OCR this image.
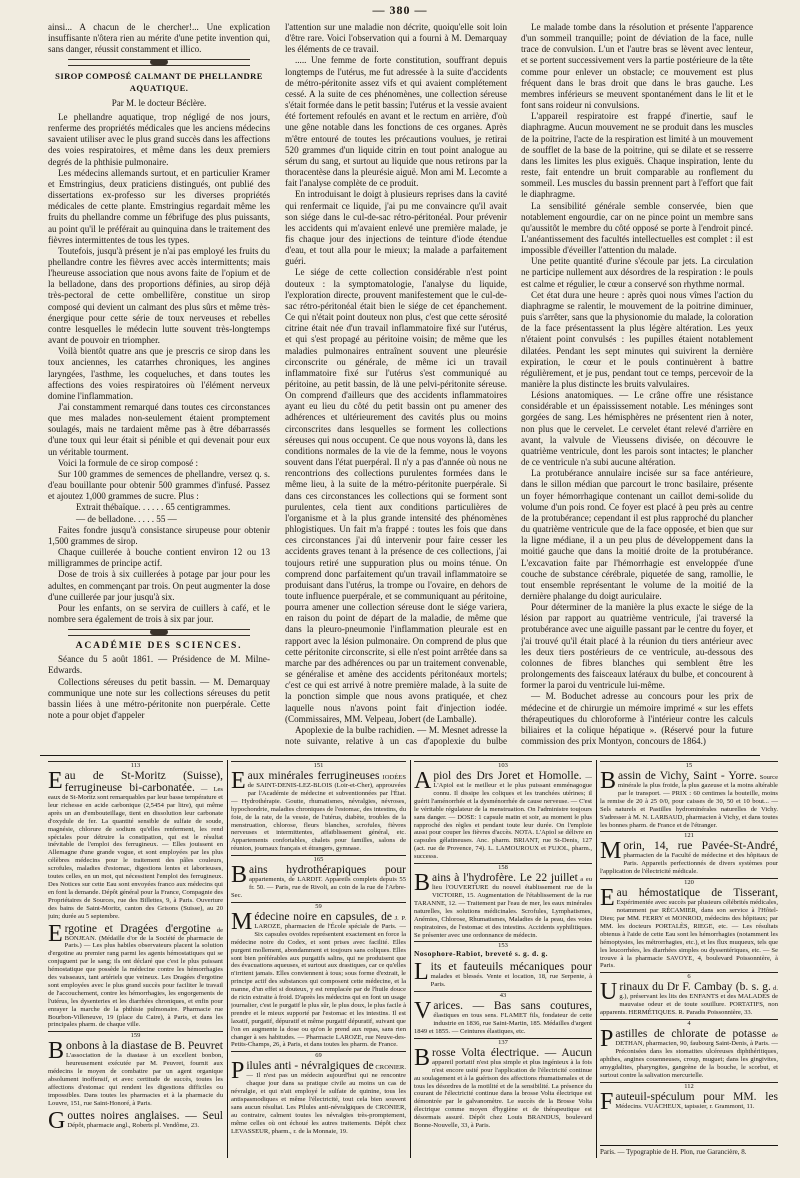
— 380 —

ainsi... A chacun de le chercher!... Une explication insuffisante n'ôtera rien au mérite d'une petite invention qui, sans danger, réussit constamment et illico.

SIROP COMPOSÉ CALMANT DE PHELLANDRE AQUATIQUE.
Par M. le docteur Béclère.

Le phellandre aquatique, trop négligé de nos jours, renferme des propriétés médicales que les anciens médecins savaient utiliser avec le plus grand succès dans les affections des voies respiratoires, et même dans les deux premiers degrés de la phthisie pulmonaire.

Les médecins allemands surtout, et en particulier Kramer et Emstringius, deux praticiens distingués, ont publié des dissertations ex-professo sur les diverses propriétés médicales de cette plante. Emstringius regardait même les fruits du phellandre comme un fébrifuge des plus puissants, au point qu'il le préférait au quinquina dans le traitement des fièvres intermittentes de tous les types.

Toutefois, jusqu'à présent je n'ai pas employé les fruits du phellandre contre les fièvres avec accès intermittents; mais l'heureuse association que nous avons faite de l'opium et de la belladone, dans des proportions définies, au sirop déjà très-pectoral de cette ombellifère, constitue un sirop composé qui devient un calmant des plus sûrs et même très-énergique pour cette série de toux nerveuses et rebelles contre lesquelles le médecin lutte souvent très-longtemps avant de pouvoir en triompher.

Voilà bientôt quatre ans que je prescris ce sirop dans les toux anciennes, les catarrhes chroniques, les angines laryngées, l'asthme, les coqueluches, et dans toutes les affections des voies respiratoires où l'élément nerveux domine l'inflammation.

J'ai constamment remarqué dans toutes ces circonstances que mes malades non-seulement étaient promptement soulagés, mais ne tardaient même pas à être débarrassés d'une toux qui leur était si pénible et qui devenait pour eux un véritable tourment.

Voici la formule de ce sirop composé :

Sur 100 grammes de semences de phellandre, versez q. s. d'eau bouillante pour obtenir 500 grammes d'infusé. Passez et ajoutez 1,000 grammes de sucre. Plus :

Extrait thébaïque. . . . . . 65 centigrammes.

— de belladone. . . . . 55 —

Faites fondre jusqu'à consistance sirupeuse pour obtenir 1,500 grammes de sirop.

Chaque cuillerée à bouche contient environ 12 ou 13 milligrammes de principe actif.

Dose de trois à six cuillerées à potage par jour pour les adultes, en commençant par trois. On peut augmenter la dose d'une cuillerée par jour jusqu'à six.

Pour les enfants, on se servira de cuillers à café, et le nombre sera également de trois à six par jour.

ACADÉMIE DES SCIENCES.

Séance du 5 août 1861. — Présidence de M. Milne-Edwards.

Collections séreuses du petit bassin. — M. Demarquay communique une note sur les collections séreuses du petit bassin liées à une métro-péritonite non puerpérale. Cette note a pour objet d'appeler

l'attention sur une maladie non décrite, quoiqu'elle soit loin d'être rare. Voici l'observation qui a fourni à M. Demarquay les éléments de ce travail.

..... Une femme de forte constitution, souffrant depuis longtemps de l'utérus, me fut adressée à la suite d'accidents de métro-péritonite assez vifs et qui avaient complétement cessé. A la suite de ces phénomènes, une collection séreuse s'était formée dans le petit bassin; l'utérus et la vessie avaient été fortement refoulés en avant et le rectum en arrière, d'où une gêne notable dans les fonctions de ces organes. Après m'être entouré de toutes les précautions voulues, je retirai 520 grammes d'un liquide citrin en tout point analogue au sérum du sang, et surtout au liquide que nous retirons par la thoracentèse dans la pleurésie aiguë. Mon ami M. Lecomte a fait l'analyse complète de ce produit.

En introduisant le doigt à plusieurs reprises dans la cavité qui renfermait ce liquide, j'ai pu me convaincre qu'il avait son siége dans le cul-de-sac rétro-péritonéal. Pour prévenir les accidents qui m'avaient enlevé une première malade, je fis chaque jour des injections de teinture d'iode étendue d'eau, et tout alla pour le mieux; la malade a parfaitement guéri.

Le siége de cette collection considérable n'est point douteux : la symptomatologie, l'analyse du liquide, l'exploration directe, prouvent manifestement que le cul-de-sac rétro-péritonéal était bien le siége de cet épanchement. Ce qui n'était point douteux non plus, c'est que cette sérosité citrine était née d'un travail inflammatoire fixé sur l'utérus, et qui s'est propagé au péritoine voisin; de même que les maladies pulmonaires entraînent souvent une pleurésie circonscrite ou générale, de même ici un travail inflammatoire fixé sur l'utérus s'est communiqué au péritoine, au petit bassin, de là une pelvi-péritonite séreuse. On comprend d'ailleurs que des accidents inflammatoires ayant eu lieu du côté du petit bassin ont pu amener des adhérences et ultérieurement des cavités plus ou moins circonscrites dans lesquelles se forment les collections séreuses qui nous occupent. Ce que nous voyons là, dans les conditions normales de la vie de la femme, nous le voyons souvent dans l'état puerpéral. Il n'y a pas d'année où nous ne rencontrions des collections purulentes formées dans le même lieu, à la suite de la métro-péritonite puerpérale. Si dans ces circonstances les collections qui se forment sont purulentes, cela tient aux conditions particulières de l'organisme et à la plus grande intensité des phénomènes phlogistiques. Un fait m'a frappé : toutes les fois que dans ces circonstances j'ai dû intervenir pour faire cesser les accidents graves tenant à la présence de ces collections, j'ai toujours retiré une suppuration plus ou moins ténue. On comprend donc parfaitement qu'un travail inflammatoire se produisant dans l'utérus, la trompe ou l'ovaire, en dehors de toute influence puerpérale, et se communiquant au péritoine, pourra amener une collection séreuse dont le siége variera, en raison du point de départ de la maladie, de même que dans la pleuro-pneumonie l'inflammation pleurale est en rapport avec la lésion pulmonaire. On comprend de plus que cette péritonite circonscrite, si elle n'est point arrêtée dans sa marche par des adhérences ou par un traitement convenable, se généralise et amène des accidents péritonéaux mortels; c'est ce qui est arrivé à notre première malade, à la suite de la ponction simple que nous avons pratiquée, et chez laquelle nous n'avons point fait d'injection iodée. (Commissaires, MM. Velpeau, Jobert (de Lamballe).

Apoplexie de la bulbe rachidien. — M. Mesnet adresse la note suivante, relative à un cas d'apoplexie du bulbe

Le malade tombe dans la résolution et présente l'apparence d'un sommeil tranquille; point de déviation de la face, nulle trace de convulsion. L'un et l'autre bras se lèvent avec lenteur, et se portent successivement vers la partie postérieure de la tête comme pour enlever un obstacle; ce mouvement est plus fréquent dans le bras droit que dans le bras gauche. Les membres inférieurs se meuvent spontanément dans le lit et le font sans roideur ni convulsions.

L'appareil respiratoire est frappé d'inertie, sauf le diaphragme. Aucun mouvement ne se produit dans les muscles de la poitrine, l'acte de la respiration est limité à un mouvement de soufflet de la base de la poitrine, qui se dilate et se resserre dans les limites les plus exiguës. Chaque inspiration, lente du reste, fait entendre un bruit comparable au ronflement du sommeil. Les muscles du bassin prennent part à l'effort que fait le diaphragme.

La sensibilité générale semble conservée, bien que notablement engourdie, car on ne pince point un membre sans qu'aussitôt le membre du côté opposé se porte à l'endroit pincé. L'anéantissement des facultés intellectuelles est complet : il est impossible d'éveiller l'attention du malade.

Une petite quantité d'urine s'écoule par jets. La circulation ne participe nullement aux désordres de la respiration : le pouls est calme et régulier, le cœur a conservé son rhythme normal.

Cet état dura une heure : après quoi nous vîmes l'action du diaphragme se ralentir, le mouvement de la poitrine diminuer, puis s'arrêter, sans que la physionomie du malade, la coloration de la face présentassent la plus légère altération. Les yeux n'étaient point convulsés : les pupilles étaient notablement dilatées. Pendant les sept minutes qui suivirent la dernière expiration, le cœur et le pouls continuèrent à battre régulièrement, et je pus, pendant tout ce temps, percevoir de la manière la plus distincte les bruits valvulaires.

Lésions anatomiques. — Le crâne offre une résistance considérable et un épaississement notable. Les méninges sont gorgées de sang. Les hémisphères ne présentent rien à noter, non plus que le cervelet. Le cervelet étant relevé d'arrière en avant, la valvule de Vieussens divisée, on découvre le quatrième ventricule, dont les parois sont intactes; le plancher de ce ventricule n'a subi aucune altération.

La protubérance annulaire incisée sur sa face antérieure, dans le sillon médian que parcourt le tronc basilaire, présente un foyer hémorrhagique contenant un caillot demi-solide du volume d'un pois rond. Ce foyer est placé à peu près au centre de la protubérance; cependant il est plus rapproché du plancher du quatrième ventricule que de la face opposée, et bien que sur la ligne médiane, il a un peu plus de développement dans la moitié gauche que dans la moitié droite de la protubérance. L'excavation faite par l'hémorrhagie est enveloppée d'une couche de substance cérébrale, piquetée de sang, ramollie, le tout ensemble représentant le volume de la moitié de la dernière phalange du doigt auriculaire.

Pour déterminer de la manière la plus exacte le siége de la lésion par rapport au quatrième ventricule, j'ai traversé la protubérance avec une aiguille passant par le centre du foyer, et j'ai trouvé qu'il était placé à la réunion du tiers antérieur avec les deux tiers postérieurs de ce ventricule, au-dessous des colonnes de fibres blanches qui semblent être les prolongements des faisceaux latéraux du bulbe, et concourent à former la paroi du ventricule lui-même.

— M. Boduchet adresse au concours pour les prix de médecine et de chirurgie un mémoire imprimé « sur les effets thérapeutiques du chloroforme à l'intérieur contre les calculs biliaires et la colique hépatique ». (Réservé pour la future commission des prix Montyon, concours de 1864.)

113
Eau de St-Moritz (Suisse), ferrugineuse bi-carbonatée. — Les eaux de St-Moritz sont remarquables par leur basse température et leur richesse en acide carbonique (2,5454 par litre), qui même après un an d'embouteillage, tient en dissolution leur carbonate d'oxydule de fer. La quantité sensible de sulfate de soude, magnésie, chlorure de sodium qu'elles renferment, les rend spéciales pour détruire la constipation, qui est le résultat inévitable de l'emploi des ferrugineux. — Elles jouissent en Allemagne d'une grande vogue, et sont employées par les plus célèbres médecins pour le traitement des pâles couleurs, scrofules, maladies d'estomac, digestions lentes et laborieuses, toutes celles, en un mot, qui nécessitent l'emploi des ferrugineux. Des Notices sur cette Eau sont envoyées franco aux médecins qui en font la demande. Dépôt général pour la France, Compagnie des Propriétaires de Sources, rue des Billettes, 9, à Paris. Ouverture des bains de Saint-Moritz, canton des Grisons (Suisse), au 20 juin; durée au 5 septembre.
Ergotine et Dragées d'ergotine de BONJEAN. (Médaille d'or de la Société de pharmacie de Paris.) — Les plus habiles observateurs placent la solution d'ergotine au premier rang parmi les agents hémostatiques qui se conjuguent par le sang; ils ont déclaré que c'est le plus puissant hémostatique que possède la médecine contre les hémorrhagies des vaisseaux, tant artériels que veineux. Les Dragées d'ergotine sont employées avec le plus grand succès pour faciliter le travail de l'accouchement, contre les hémorrhagies, les engorgements de l'utérus, les dysenteries et les diarrhées chroniques, et enfin pour enrayer la marche de la phthisie pulmonaire. Pharmacie rue Bourbon-Villeneuve, 19 (place du Caire), à Paris, et dans les principales pharm. de chaque ville.
159
Bonbons à la diastase de B. Peuvret L'association de la diastase à un excellent bonbon, heureusement exécutée par M. Peuvret, fournit aux médecins le moyen de combattre par un agent organique absolument inoffensif, et avec certitude de succès, toutes les affections d'estomac qui rendent les digestions difficiles ou impossibles. Dans toutes les pharmacies et à la pharmacie du Louvre, 151, rue Saint-Honoré, à Paris.
Gouttes noires anglaises. — Seul Dépôt, pharmacie angl., Roberts pl. Vendôme, 23.
151
Eaux minérales ferrugineuses IODÉES de SAINT-DENIS-LEZ-BLOIS (Loir-et-Cher), approuvées par l'Académie de médecine et subventionnées par l'État. — Hydrothérapie. Goutte, rhumatismes, névralgies, névroses, hypochondrie, maladies chroniques de l'estomac, des intestins, du foie, de la rate, de la vessie, de l'utérus, diabète, troubles de la menstruation, chlorose, fleurs blanches, scrofules, fièvres nerveuses et intermittentes, affaiblissement général, etc. Appartements confortables, chalets pour familles, salons de réunion, journaux français et étrangers, gymnase.
165
Bains hydrothérapiques pour appartements, de LARDIT. Appareils complets depuis 55 fr. 50. — Paris, rue de Rivoli, au coin de la rue de l'Arbre-Sec.
59
Médecine noire en capsules, de J. P. LAROZE, pharmacien de l'École spéciale de Paris. — Six capsules ovoïdes représentent exactement en force la médecine noire du Codex, et sont prises avec facilité. Elles purgent mollement, abondamment et toujours sans coliques. Elles sont bien préférables aux purgatifs salins, qui ne produisent que des évacuations aqueuses, et surtout aux drastiques, car ce qu'elles n'irritent jamais. Elles conviennent à tous; sous forme d'extrait, le principe actif des substances qui composent cette médecine, et la manne, d'un effet si douteux, y est remplacée par de l'huile douce de ricin extraite à froid. D'après les médecins qui en font un usage journalier, c'est le purgatif le plus sûr, le plus doux, le plus facile à prendre et le mieux supporté par l'estomac et les intestins. Il est laxatif, purgatif, dépuratif et même purgatif dépuratif, suivant que l'on en augmente la dose ou qu'on le prend aux repas, sans rien changer à ses habitudes. — Pharmacie LAROZE, rue Neuve-des-Petits-Champs, 26, à Paris, et dans toutes les pharm. de France.
69
Pilules anti - névralgiques de CRONIER. — Il n'est pas un médecin aujourd'hui qui ne rencontre chaque jour dans sa pratique civile au moins un cas de névralgie, et qui n'ait employé le sulfate de quinine, tous les antispasmodiques et même l'électricité, tout cela bien souvent sans aucun résultat. Les Pilules anti-névralgiques de CRONIER, au contraire, calment toutes les névralgies très-promptement, même celles où ont échoué les autres traitements. Dépôt chez LEVASSEUR, pharm., r. de la Monnaie, 19.
103
Apiol des Drs Joret et Homolle. — L'Apiol est le meilleur et le plus puissant emménagogue connu. Il dissipe les coliques et les tranchées utérines; il guérit l'aménorrhée et la dysménorrhée de cause nerveuse. — C'est le véritable régulateur de la menstruation. On l'administre toujours sans danger. — DOSE: 1 capsule matin et soir, au moment le plus rapproché des règles et pendant toute leur durée. On l'emploie aussi pour couper les fièvres d'accès. NOTA. L'Apiol se délivre en capsules gélatineuses. Anc. pharm. BRIANT, rue St-Denis, 127 (act. rue de Provence, 74). L. LAMOUROUX et FUJOL, pharm., successs.
158
Bains à l'hydrofère. Le 22 juillet a eu lieu l'OUVERTURE du nouvel établissement rue de la VICTOIRE, 15. Augmentation de l'établissement de la rue TARANNE, 12. — Traitement par l'eau de mer, les eaux minérales naturelles, les solutions médicinales. Scrofules, Lymphatismes, Anémies, Chlorose, Rhumatismes, Maladies de la peau, des voies respiratoires, de l'estomac et des intestins. Accidents syphilitiques. Se présenter avec une ordonnance de médecin.
153
Nosophore-Rabiot, breveté s. g. d. g.
Lits et fauteuils mécaniques pour malades et blessés. Vente et location, 18, rue Serpente, à Paris.
43
Varices. — Bas sans coutures, élastiques en tous sens. FLAMET fils, fondateur de cette industrie en 1836, rue Saint-Martin, 185. Médailles d'argent 1849 et 1855. — Ceintures élastiques, etc.
137
Brosse Volta électrique. — Aucun appareil portatif n'est plus simple et plus ingénieux à la fois n'est encore usité pour l'application de l'électricité continue au soulagement et à la guérison des affections rhumatismales et de tous les désordres de la motilité et de la sensibilité. La présence du courant de l'électricité continue dans la brosse Volta électrique est démontrée par le galvanomètre. Le succès de la Brosse Volta électrique comme moyen d'hygiène et de thérapeutique est désormais assuré. Dépôt chez Louis BRANDUS, boulevard Bonne-Nouvelle, 33, à Paris.
15
Bassin de Vichy, Saint - Yorre. Source minérale la plus froide, la plus gazeuse et la moins altérable par le transport. — PRIX : 60 centimes la bouteille, moins la remise de 20 à 25 0/0, pour caisses de 30, 50 et 10 bout... — Sels naturels et Pastilles hydrominérales naturelles de Vichy. S'adresser à M. N. LARBAUD, pharmacien à Vichy, et dans toutes les bonnes pharm. de France et de l'étranger.
121
Morin, 14, rue Pavée-St-André, pharmacien de la Faculté de médecine et des hôpitaux de Paris. Appareils perfectionnés de divers systèmes pour l'application de l'électricité médicale.
120
Eau hémostatique de Tisserant, Expérimentée avec succès par plusieurs célébrités médicales, notamment par RÉCAMIER, dans son service à l'Hôtel-Dieu; par MM. FERRY et MONROD, médecins des hôpitaux; par MM. les docteurs PORTALÈS, RIEGE, etc. — Les résultats obtenus à l'aide de cette Eau sont les hémorrhagies (notamment les hémoptysies, les métrorrhagies, etc.), et les flux muqueux, tels que les leucorrhées, les diarrhées simples ou dyssentériques, etc. — Se trouve à la pharmacie SAVOYE, 4, boulevard Poissonnière, à Paris.
6
Urinaux du Dr F. Cambay (b. s. g. d. g.), préservant les lits des ENFANTS et des MALADES de mauvaise odeur et de toute souillure. PORTATIFS, non apparents. HERMÉTIQUES. R. Paradis Poissonnière, 33.
4
Pastilles de chlorate de potasse de DETHAN, pharmacien, 90, faubourg Saint-Denis, à Paris. — Préconisées dans les stomatites ulcéreuses diphthéritiques, aphthes, angines couenneuses, croup, muguet; dans les gingivites, amygdalites, pharyngites, gangrène de la bouche, le scorbut, et surtout contre la salivation mercurielle.
112
Fauteuil-spéculum pour MM. les Médecins. VUACHEUX, tapissier, r. Grammont, 11.
Paris. — Typographie de H. Plon, rue Garancière, 8.
